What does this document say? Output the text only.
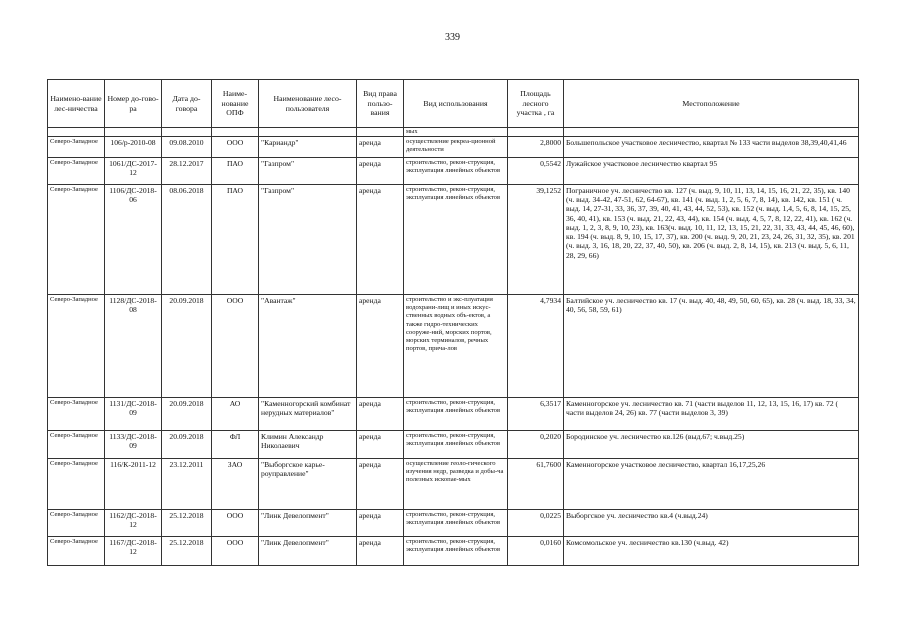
339
Наимено-вание лес-ничества	Номер до-гово-ра	Дата до-говора	Наиме-нование ОПФ	Наименование лесо-пользователя	Вид права пользо-вания	Вид использования	Площадь лесного участка , га	Местоположение
						мых		
Северо-Западное	106/р-2010-08	09.08.2010	ООО	"Кариандр"	аренда	осуществление рекреа-ционной деятельности	2,8000	Большепольское участковое лесничество, квартал № 133 части выделов 38,39,40,41,46
Северо-Западное	1061/ДС-2017-12	28.12.2017	ПАО	"Газпром"	аренда	строительство, рекон-струкция, эксплуатация линейных объектов	0,5542	Лужайское участковое лесничество квартал 95
Северо-Западное	1106/ДС-2018-06	08.06.2018	ПАО	"Газпром"	аренда	строительство, рекон-струкция, эксплуатация линейных объектов	39,1252	Пограничное уч. лесничество кв. 127 (ч. выд. 9, 10, 11, 13, 14, 15, 16, 21, 22, 35), кв. 140 (ч. выд. 34-42, 47-51, 62, 64-67), кв. 141 (ч. выд. 1, 2, 5, 6, 7, 8, 14), кв. 142, кв. 151 ( ч. выд. 14, 27-31, 33, 36, 37, 39, 40, 41, 43, 44, 52, 53), кв. 152 (ч. выд. 1,4, 5, 6, 8, 14, 15, 25, 36, 40, 41), кв. 153 (ч. выд. 21, 22, 43, 44), кв. 154 (ч. выд. 4, 5, 7, 8, 12, 22, 41), кв. 162 (ч. выд. 1, 2, 3, 8, 9, 10, 23), кв. 163(ч. выд. 10, 11, 12, 13, 15, 21, 22, 31, 33, 43, 44, 45, 46, 60), кв. 194 (ч. выд. 8, 9, 10, 15, 17, 37), кв. 200 (ч. выд. 9, 20, 21, 23, 24, 26, 31, 32, 35), кв. 201 (ч. выд. 3, 16, 18, 20, 22, 37, 40, 50), кв. 206 (ч. выд. 2, 8, 14, 15), кв. 213 (ч. выд. 5, 6, 11, 28, 29, 66)
Северо-Западное	1128/ДС-2018-08	20.09.2018	ООО	"Авантаж"	аренда	строительство и экс-плуатация водохрани-лищ и иных искус-ственных водных объ-ектов, а также гидро-технических сооруже-ний, морских портов, морских терминалов, речных портов, прича-лов	4,7934	Балтийское уч. лесничество кв. 17 (ч. выд. 40, 48, 49, 50, 60, 65), кв. 28 (ч. выд. 18, 33, 34, 40, 56, 58, 59, 61)
Северо-Западное	1131/ДС-2018-09	20.09.2018	АО	"Каменногорский комбинат нерудных материалов"	аренда	строительство, рекон-струкция, эксплуатация линейных объектов	6,3517	Каменногорское уч. лесничество кв. 71 (части выделов 11, 12, 13, 15, 16, 17) кв. 72 ( части выделов 24, 26) кв. 77 (части выделов 3, 39)
Северо-Западное	1133/ДС-2018-09	20.09.2018	ФЛ	Климин Александр Николаевич	аренда	строительство, рекон-струкция, эксплуатация линейных объектов	0,2020	Бородинское уч. лесничество кв.126 (выд.67; ч.выд.25)
Северо-Западное	116/К-2011-12	23.12.2011	ЗАО	"Выборгское карье-роуправление"	аренда	осуществление геоло-гического изучения недр, разведка и добы-ча полезных ископае-мых	61,7600	Каменногорское участковое лесничество, квартал 16,17,25,26
Северо-Западное	1162/ДС-2018-12	25.12.2018	ООО	"Линк Девелопмент"	аренда	строительство, рекон-струкция, эксплуатация линейных объектов	0,0225	Выборгское уч. лесничество кв.4 (ч.выд.24)
Северо-Западное	1167/ДС-2018-12	25.12.2018	ООО	"Линк Девелопмент"	аренда	строительство, рекон-струкция, эксплуатация линейных объектов	0,0160	Комсомольское уч. лесничество кв.130 (ч.выд. 42)
